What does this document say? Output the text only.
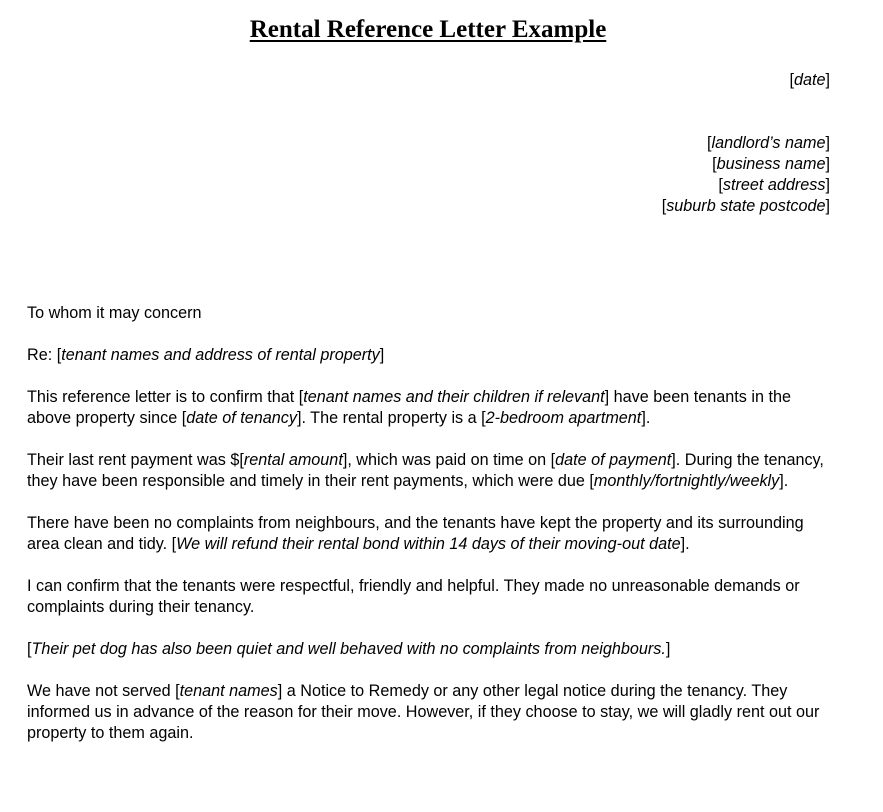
Rental Reference Letter Example
[date]
[landlord’s name]
[business name]
[street address]
[suburb state postcode]

To whom it may concern

Re: [tenant names and address of rental property]

This reference letter is to confirm that [tenant names and their children if relevant] have been tenants in the above property since [date of tenancy]. The rental property is a [2-bedroom apartment].

Their last rent payment was $[rental amount], which was paid on time on [date of payment]. During the tenancy, they have been responsible and timely in their rent payments, which were due [monthly/fortnightly/weekly].

There have been no complaints from neighbours, and the tenants have kept the property and its surrounding area clean and tidy. [We will refund their rental bond within 14 days of their moving-out date].

I can confirm that the tenants were respectful, friendly and helpful. They made no unreasonable demands or complaints during their tenancy.

[Their pet dog has also been quiet and well behaved with no complaints from neighbours.]

We have not served [tenant names] a Notice to Remedy or any other legal notice during the tenancy. They informed us in advance of the reason for their move. However, if they choose to stay, we will gladly rent out our property to them again.
